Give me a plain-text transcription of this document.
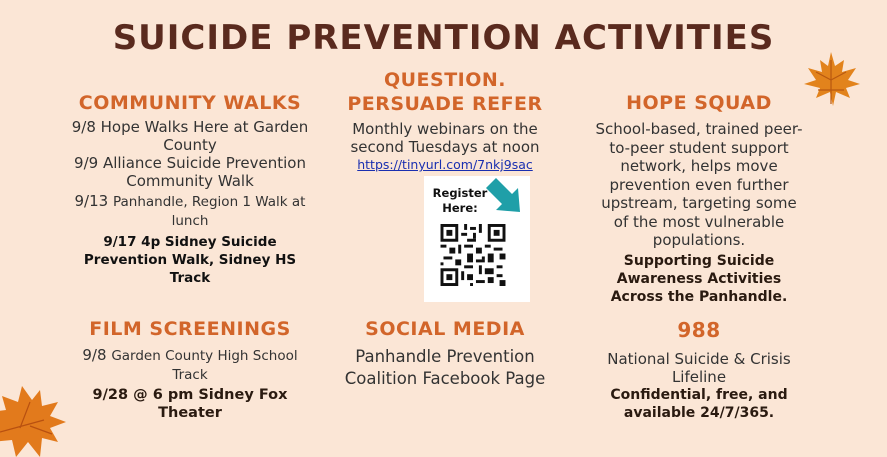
SUICIDE PREVENTION ACTIVITIES
COMMUNITY WALKS
9/8 Hope Walks Here at Garden County
9/9 Alliance Suicide Prevention Community Walk
9/13 Panhandle, Region 1 Walk at lunch
9/17 4p Sidney Suicide Prevention Walk, Sidney HS Track
QUESTION.
PERSUADE REFER
Monthly webinars on the second Tuesdays at noon
https://tinyurl.com/7nkj9sac
Register Here:
HOPE SQUAD
School-based, trained peer-to-peer student support network, helps move prevention even further upstream, targeting some of the most vulnerable populations.
Supporting Suicide Awareness Activities Across the Panhandle.
FILM SCREENINGS
9/8 Garden County High School Track
9/28 @ 6 pm Sidney Fox Theater
SOCIAL MEDIA
Panhandle Prevention Coalition Facebook Page
988
National Suicide & Crisis Lifeline
Confidential, free, and available 24/7/365.
